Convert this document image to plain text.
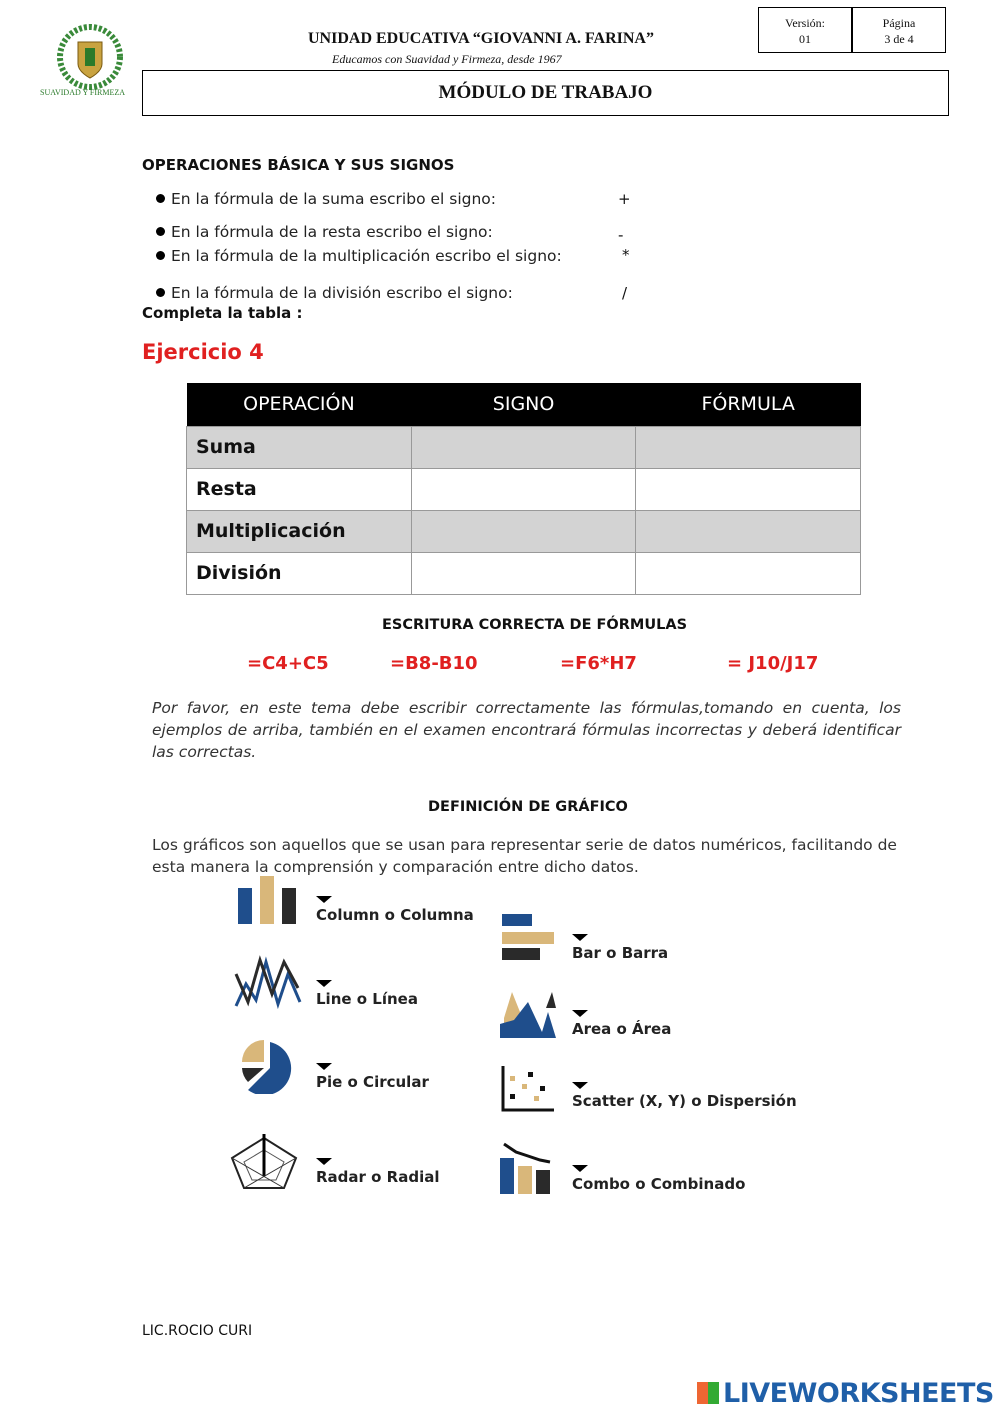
SUAVIDAD Y FIRMEZA
UNIDAD EDUCATIVA “GIOVANNI A. FARINA”
Educamos con Suavidad y Firmeza, desde 1967
Versión:
01
Página
3 de 4
MÓDULO DE TRABAJO
OPERACIONES BÁSICA Y SUS SIGNOS
En la fórmula de la suma escribo el signo:	+
En la fórmula de la resta escribo el signo:	-
En la fórmula de la multiplicación escribo el signo:	*
En la fórmula de la división escribo el signo:	/
Completa la tabla :
Ejercicio 4
OPERACIÓN	SIGNO	FÓRMULA
Suma		
Resta		
Multiplicación		
División		
ESCRITURA CORRECTA DE FÓRMULAS
=C4+C5	=B8-B10	=F6*H7	= J10/J17
Por favor, en este tema debe escribir correctamente las fórmulas,tomando en cuenta, los ejemplos de arriba, también en el examen encontrará fórmulas incorrectas y deberá identificar las correctas.
DEFINICIÓN DE GRÁFICO
Los gráficos son aquellos que se usan para representar serie de datos numéricos, facilitando de esta manera la comprensión y comparación entre dicho datos.
Column o Columna
Line o Línea
Pie o Circular
Radar o Radial
Bar o Barra
Area o Área
Scatter (X, Y) o Dispersión
Combo o Combinado
LIC.ROCIO CURI
LIVEWORKSHEETS
